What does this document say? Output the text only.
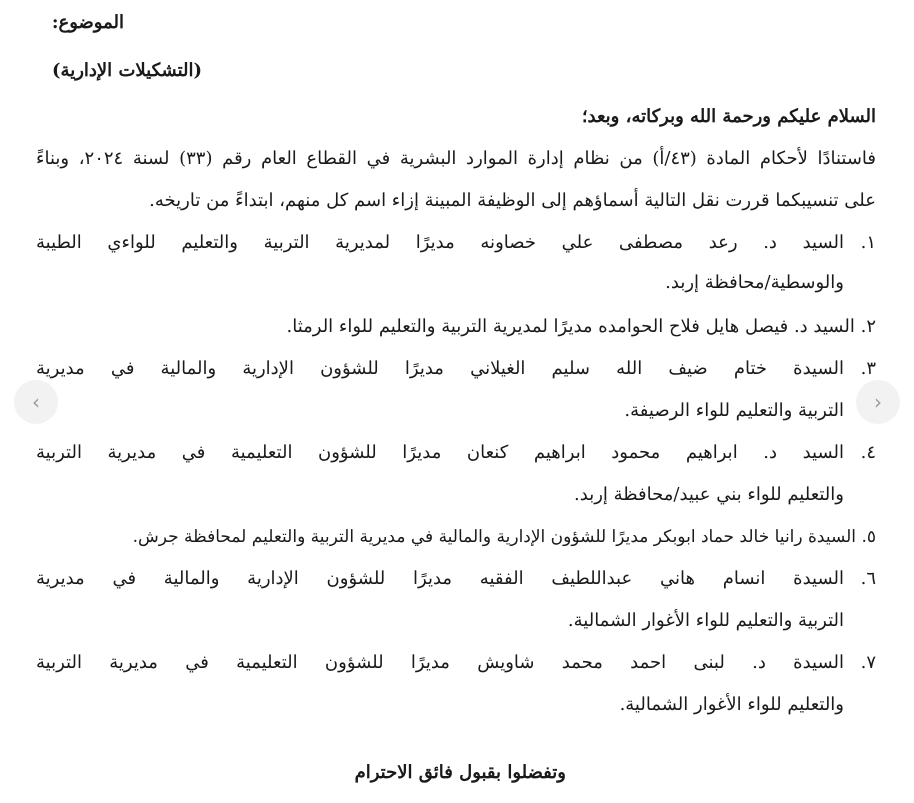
الموضوع:
(التشكيلات الإدارية)
السلام عليكم ورحمة الله وبركاته، وبعد؛
فاستنادًا لأحكام المادة (٤٣/أ) من نظام إدارة الموارد البشرية في القطاع العام رقم (٣٣) لسنة ٢٠٢٤، وبناءً
على تنسيبكما قررت نقل التالية أسماؤهم إلى الوظيفة المبينة إزاء اسم كل منهم، ابتداءً من تاريخه.
١.
السيد د. رعد مصطفى علي خصاونه مديرًا لمديرية التربية والتعليم للواءي الطيبة
والوسطية/محافظة إربد.
٢. السيد د. فيصل هايل فلاح الحوامده مديرًا لمديرية التربية والتعليم للواء الرمثا.
٣.
السيدة ختام ضيف الله سليم الغيلاني مديرًا للشؤون الإدارية والمالية في مديرية
التربية والتعليم للواء الرصيفة.
٤.
السيد د. ابراهيم محمود ابراهيم كنعان مديرًا للشؤون التعليمية في مديرية التربية
والتعليم للواء بني عبيد/محافظة إربد.
٥. السيدة رانيا خالد حماد ابوبكر مديرًا للشؤون الإدارية والمالية في مديرية التربية والتعليم لمحافظة جرش.
٦.
السيدة انسام هاني عبداللطيف الفقيه مديرًا للشؤون الإدارية والمالية في مديرية
التربية والتعليم للواء الأغوار الشمالية.
٧.
السيدة د. لبنى احمد محمد شاويش مديرًا للشؤون التعليمية في مديرية التربية
والتعليم للواء الأغوار الشمالية.
وتفضلوا بقبول فائق الاحترام
‹	›
